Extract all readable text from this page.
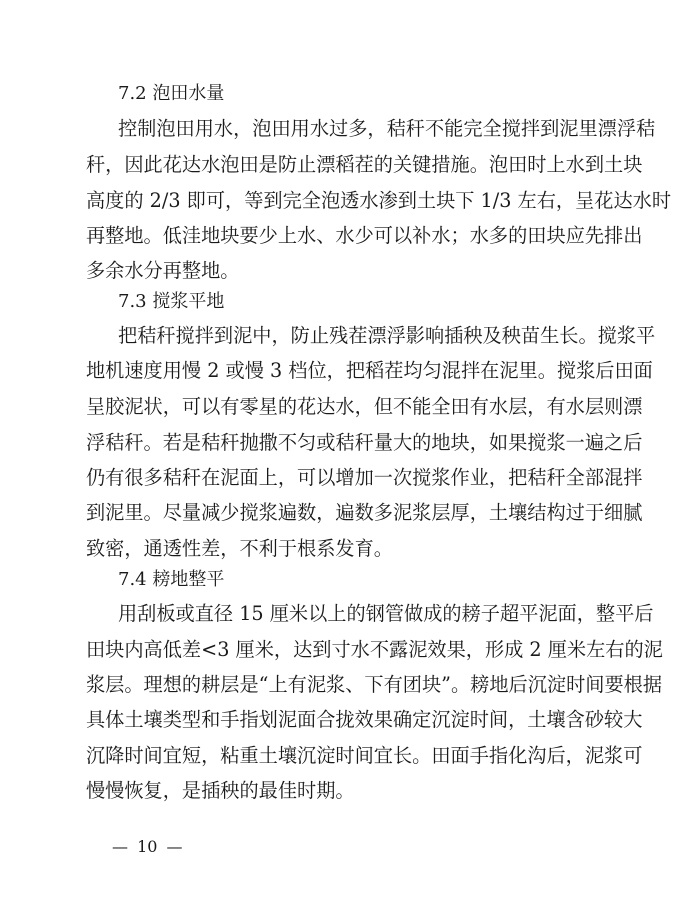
7.2 泡田水量
控制泡田用水，泡田用水过多，秸秆不能完全搅拌到泥里漂浮秸
秆，因此花达水泡田是防止漂稻茬的关键措施。泡田时上水到土块
高度的 2/3 即可，等到完全泡透水渗到土块下 1/3 左右，呈花达水时
再整地。低洼地块要少上水、水少可以补水；水多的田块应先排出
多余水分再整地。
7.3 搅浆平地
把秸秆搅拌到泥中，防止残茬漂浮影响插秧及秧苗生长。搅浆平
地机速度用慢 2 或慢 3 档位，把稻茬均匀混拌在泥里。搅浆后田面
呈胶泥状，可以有零星的花达水，但不能全田有水层，有水层则漂
浮秸秆。若是秸秆抛撒不匀或秸秆量大的地块，如果搅浆一遍之后
仍有很多秸秆在泥面上，可以增加一次搅浆作业，把秸秆全部混拌
到泥里。尽量减少搅浆遍数，遍数多泥浆层厚，土壤结构过于细腻
致密，通透性差，不利于根系发育。
7.4 耪地整平
用刮板或直径 15 厘米以上的钢管做成的耪子超平泥面，整平后
田块内高低差<3 厘米，达到寸水不露泥效果，形成 2 厘米左右的泥
浆层。理想的耕层是“上有泥浆、下有团块”。耪地后沉淀时间要根据
具体土壤类型和手指划泥面合拢效果确定沉淀时间，土壤含砂较大
沉降时间宜短，粘重土壤沉淀时间宜长。田面手指化沟后，泥浆可
慢慢恢复，是插秧的最佳时期。
— 10 —
